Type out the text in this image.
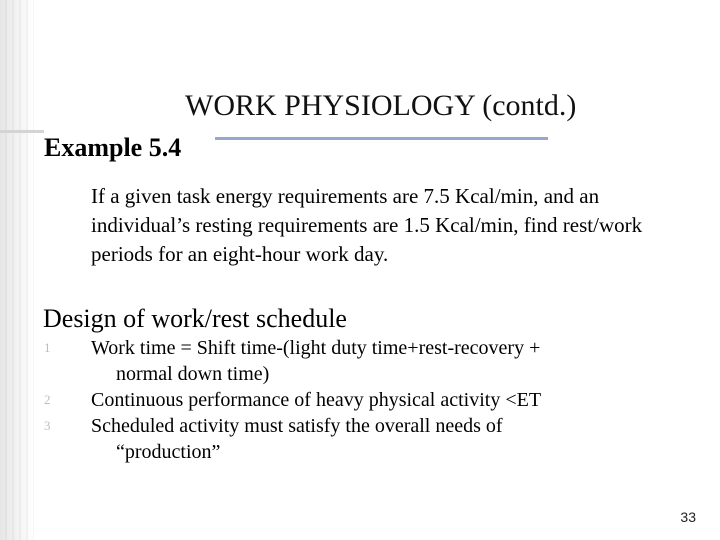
WORK PHYSIOLOGY (contd.)
Example 5.4
If a given task energy requirements are 7.5 Kcal/min, and an individual’s resting requirements are 1.5 Kcal/min, find rest/work periods for an eight-hour work day.
Design of work/rest schedule
1	Work time = Shift time-(light duty time+rest-recovery +
normal down time)
2	Continuous performance of heavy physical activity <ET
3	Scheduled activity must satisfy the overall needs of
“production”
33
